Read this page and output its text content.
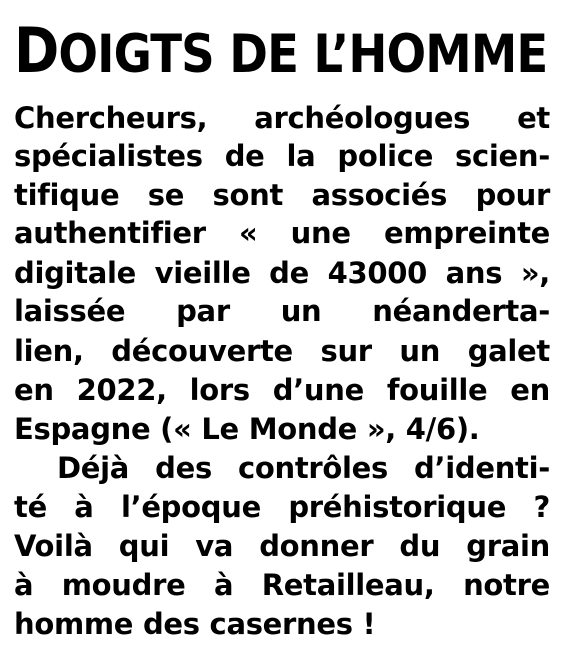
DOIGTS DE L’HOMME

Chercheurs, archéologues et

spécialistes de la police scien-

tifique se sont associés pour

authentifier « une empreinte

digitale vieille de 43000 ans »,

laissée par un néanderta-

lien, découverte sur un galet

en 2022, lors d’une fouille en

Espagne (« Le Monde », 4/6).

Déjà des contrôles d’identi-

té à l’époque préhistorique ?

Voilà qui va donner du grain

à moudre à Retailleau, notre

homme des casernes !
